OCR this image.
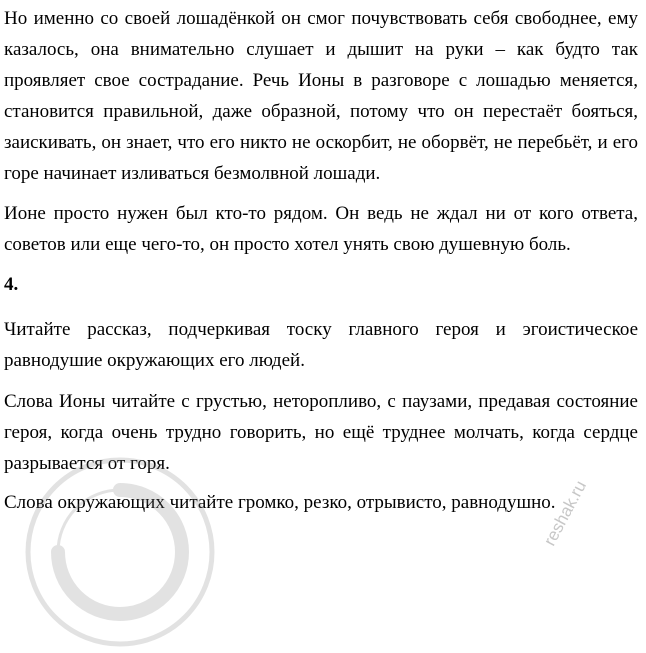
Но именно со своей лошадёнкой он смог почувствовать себя свободнее, ему казалось, она внимательно слушает и дышит на руки – как будто так проявляет свое сострадание. Речь Ионы в разговоре с лошадью меняется, становится правильной, даже образной, потому что он перестаёт бояться, заискивать, он знает, что его никто не оскорбит, не оборвёт, не перебьёт, и его горе начинает изливаться безмолвной лошади.

Ионе просто нужен был кто-то рядом. Он ведь не ждал ни от кого ответа, советов или еще чего-то, он просто хотел унять свою душевную боль.

4.

Читайте рассказ, подчеркивая тоску главного героя и эгоистическое равнодушие окружающих его людей.

Слова Ионы читайте с грустью, неторопливо, с паузами, предавая состояние героя, когда очень трудно говорить, но ещё труднее молчать, когда сердце разрывается от горя.

Слова окружающих читайте громко, резко, отрывисто, равнодушно.

reshak.ru
